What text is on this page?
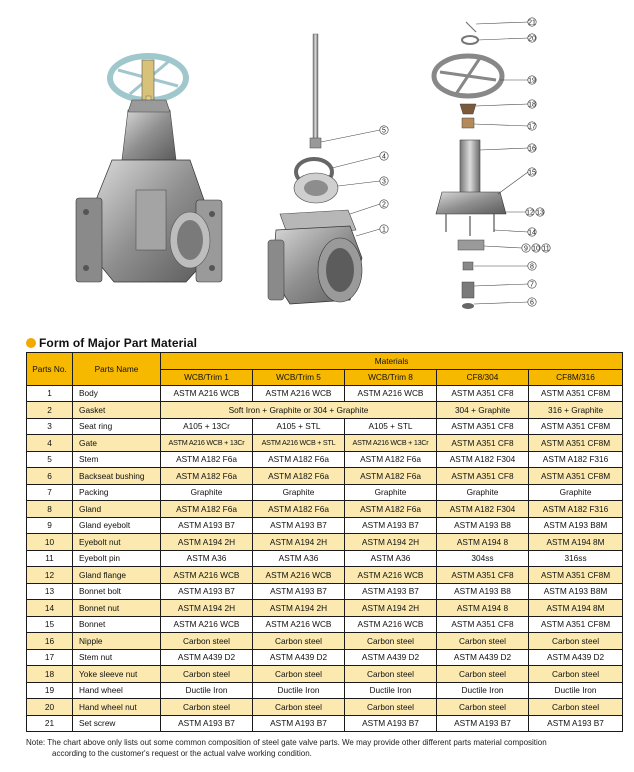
5
4
3
2
1
21
20
19
18
17
16
15
12 13
14
9 10 11
8
7
6
Form of Major Part Material
Parts No.	Parts Name	Materials				
		WCB/Trim 1	WCB/Trim 5	WCB/Trim 8	CF8/304	CF8M/316
1	Body	ASTM A216 WCB	ASTM A216 WCB	ASTM A216 WCB	ASTM A351 CF8	ASTM A351 CF8M
2	Gasket	Soft Iron + Graphite or 304 + Graphite			304 + Graphite	316 + Graphite
3	Seat ring	A105 + 13Cr	A105 + STL	A105 + STL	ASTM A351 CF8	ASTM A351 CF8M
4	Gate	ASTM A216 WCB + 13Cr	ASTM A216 WCB + STL	ASTM A216 WCB + 13Cr	ASTM A351 CF8	ASTM A351 CF8M
5	Stem	ASTM A182 F6a	ASTM A182 F6a	ASTM A182 F6a	ASTM A182 F304	ASTM A182 F316
6	Backseat bushing	ASTM A182 F6a	ASTM A182 F6a	ASTM A182 F6a	ASTM A351 CF8	ASTM A351 CF8M
7	Packing	Graphite	Graphite	Graphite	Graphite	Graphite
8	Gland	ASTM A182 F6a	ASTM A182 F6a	ASTM A182 F6a	ASTM A182 F304	ASTM A182 F316
9	Gland eyebolt	ASTM A193 B7	ASTM A193 B7	ASTM A193 B7	ASTM A193 B8	ASTM A193 B8M
10	Eyebolt nut	ASTM A194 2H	ASTM A194 2H	ASTM A194 2H	ASTM A194 8	ASTM A194 8M
11	Eyebolt pin	ASTM A36	ASTM A36	ASTM A36	304ss	316ss
12	Gland flange	ASTM A216 WCB	ASTM A216 WCB	ASTM A216 WCB	ASTM A351 CF8	ASTM A351 CF8M
13	Bonnet bolt	ASTM A193 B7	ASTM A193 B7	ASTM A193 B7	ASTM A193 B8	ASTM A193 B8M
14	Bonnet nut	ASTM A194 2H	ASTM A194 2H	ASTM A194 2H	ASTM A194 8	ASTM A194 8M
15	Bonnet	ASTM A216 WCB	ASTM A216 WCB	ASTM A216 WCB	ASTM A351 CF8	ASTM A351 CF8M
16	Nipple	Carbon steel	Carbon steel	Carbon steel	Carbon steel	Carbon steel
17	Stem nut	ASTM A439 D2	ASTM A439 D2	ASTM A439 D2	ASTM A439 D2	ASTM A439 D2
18	Yoke sleeve nut	Carbon steel	Carbon steel	Carbon steel	Carbon steel	Carbon steel
19	Hand wheel	Ductile Iron	Ductile Iron	Ductile Iron	Ductile Iron	Ductile Iron
20	Hand wheel nut	Carbon steel	Carbon steel	Carbon steel	Carbon steel	Carbon steel
21	Set screw	ASTM A193 B7	ASTM A193 B7	ASTM A193 B7	ASTM A193 B7	ASTM A193 B7
Note: The chart above only lists out some common composition of steel gate valve parts. We may provide other different parts material composition
according to the customer's request or the actual valve working condition.
